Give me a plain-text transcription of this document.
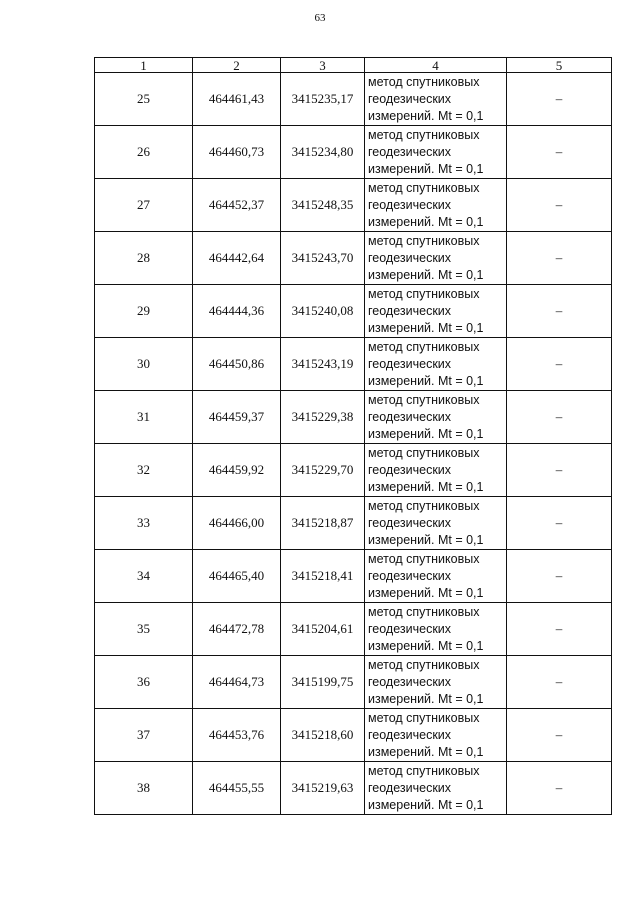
63
1	2	3	4	5
25	464461,43	3415235,17	метод спутниковых
геодезических
измерений. Mt = 0,1	–
26	464460,73	3415234,80	метод спутниковых
геодезических
измерений. Mt = 0,1	–
27	464452,37	3415248,35	метод спутниковых
геодезических
измерений. Mt = 0,1	–
28	464442,64	3415243,70	метод спутниковых
геодезических
измерений. Mt = 0,1	–
29	464444,36	3415240,08	метод спутниковых
геодезических
измерений. Mt = 0,1	–
30	464450,86	3415243,19	метод спутниковых
геодезических
измерений. Mt = 0,1	–
31	464459,37	3415229,38	метод спутниковых
геодезических
измерений. Mt = 0,1	–
32	464459,92	3415229,70	метод спутниковых
геодезических
измерений. Mt = 0,1	–
33	464466,00	3415218,87	метод спутниковых
геодезических
измерений. Mt = 0,1	–
34	464465,40	3415218,41	метод спутниковых
геодезических
измерений. Mt = 0,1	–
35	464472,78	3415204,61	метод спутниковых
геодезических
измерений. Mt = 0,1	–
36	464464,73	3415199,75	метод спутниковых
геодезических
измерений. Mt = 0,1	–
37	464453,76	3415218,60	метод спутниковых
геодезических
измерений. Mt = 0,1	–
38	464455,55	3415219,63	метод спутниковых
геодезических
измерений. Mt = 0,1	–
